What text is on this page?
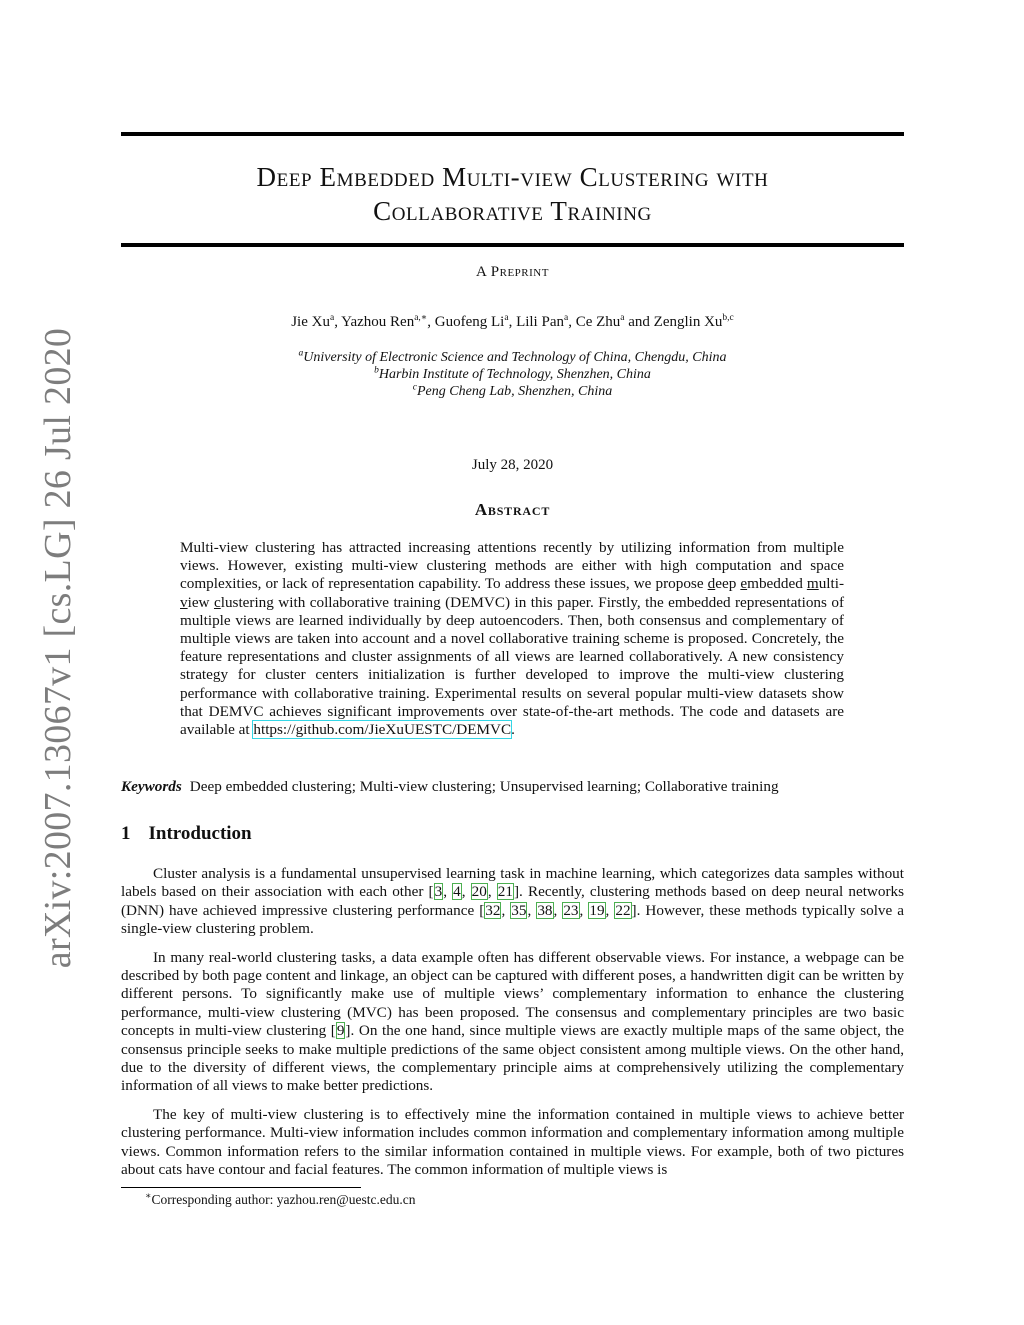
arXiv:2007.13067v1 [cs.LG] 26 Jul 2020
Deep Embedded Multi-view Clustering with
Collaborative Training
A Preprint
Jie Xu$^a$, Yazhou Ren$^{a,∗}$, Guofeng Li$^a$, Lili Pan$^a$, Ce Zhu$^a$ and Zenglin Xu$^{b,c}$
$^a$University of Electronic Science and Technology of China, Chengdu, China
$^b$Harbin Institute of Technology, Shenzhen, China
$^c$Peng Cheng Lab, Shenzhen, China
July 28, 2020
Abstract
Multi-view clustering has attracted increasing attentions recently by utilizing information from multiple views. However, existing multi-view clustering methods are either with high computation and space complexities, or lack of representation capability. To address these issues, we propose deep embedded multi-view clustering with collaborative training (DEMVC) in this paper. Firstly, the embedded representations of multiple views are learned individually by deep autoencoders. Then, both consensus and complementary of multiple views are taken into account and a novel collaborative training scheme is proposed. Concretely, the feature representations and cluster assignments of all views are learned collaboratively. A new consistency strategy for cluster centers initialization is further developed to improve the multi-view clustering performance with collaborative training. Experimental results on several popular multi-view datasets show that DEMVC achieves significant improvements over state-of-the-art methods. The code and datasets are available at https://github.com/JieXuUESTC/DEMVC.
Keywords Deep embedded clustering; Multi-view clustering; Unsupervised learning; Collaborative training
1 Introduction

Cluster analysis is a fundamental unsupervised learning task in machine learning, which categorizes data samples without labels based on their association with each other [3, 4, 20, 21]. Recently, clustering methods based on deep neural networks (DNN) have achieved impressive clustering performance [32, 35, 38, 23, 19, 22]. However, these methods typically solve a single-view clustering problem.

In many real-world clustering tasks, a data example often has different observable views. For instance, a webpage can be described by both page content and linkage, an object can be captured with different poses, a handwritten digit can be written by different persons. To significantly make use of multiple views’ complementary information to enhance the clustering performance, multi-view clustering (MVC) has been proposed. The consensus and complementary principles are two basic concepts in multi-view clustering [9]. On the one hand, since multiple views are exactly multiple maps of the same object, the consensus principle seeks to make multiple predictions of the same object consistent among multiple views. On the other hand, due to the diversity of different views, the complementary principle aims at comprehensively utilizing the complementary information of all views to make better predictions.

The key of multi-view clustering is to effectively mine the information contained in multiple views to achieve better clustering performance. Multi-view information includes common information and complementary information among multiple views. Common information refers to the similar information contained in multiple views. For example, both of two pictures about cats have contour and facial features. The common information of multiple views is

∗Corresponding author: yazhou.ren@uestc.edu.cn
